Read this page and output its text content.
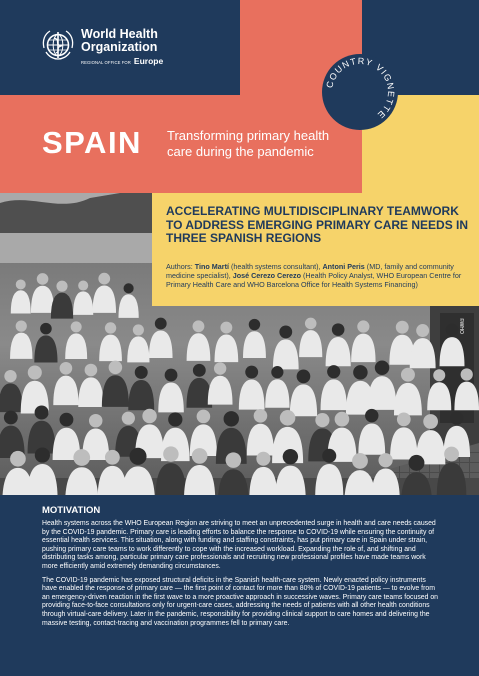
World Health
Organization
REGIONAL OFFICE FOR Europe
COUNTRY VIGNETTE
SPAIN Transforming primary health care during the pandemic
©WHO
ACCELERATING MULTIDISCIPLINARY TEAMWORK TO ADDRESS EMERGING PRIMARY CARE NEEDS IN THREE SPANISH REGIONS

Authors: Tino Martí (health systems consultant), Antoni Peris (MD, family and community medicine specialist), José Cerezo Cerezo (Health Policy Analyst, WHO European Centre for Primary Health Care and WHO Barcelona Office for Health Systems Financing)

MOTIVATION

Health systems across the WHO European Region are striving to meet an unprecedented surge in health and care needs caused by the COVID-19 pandemic. Primary care is leading efforts to balance the response to COVID-19 while ensuring the continuity of essential health services. This situation, along with funding and staffing constraints, has put primary care in Spain under strain, pushing primary care teams to work differently to cope with the increased workload. Expanding the role of, and shifting and distributing tasks among, particular primary care professionals and recruiting new professional profiles have made teams work more efficiently amid extremely demanding circumstances.

The COVID-19 pandemic has exposed structural deficits in the Spanish health-care system. Newly enacted policy instruments have enabled the response of primary care — the first point of contact for more than 80% of COVID-19 patients — to evolve from an emergency-driven reaction in the first wave to a more proactive approach in successive waves. Primary care teams focused on providing face-to-face consultations only for urgent-care cases, addressing the needs of patients with all other health conditions through virtual-care delivery. Later in the pandemic, responsibility for providing clinical support to care homes and delivering the massive testing, contact-tracing and vaccination programmes fell to primary care.
